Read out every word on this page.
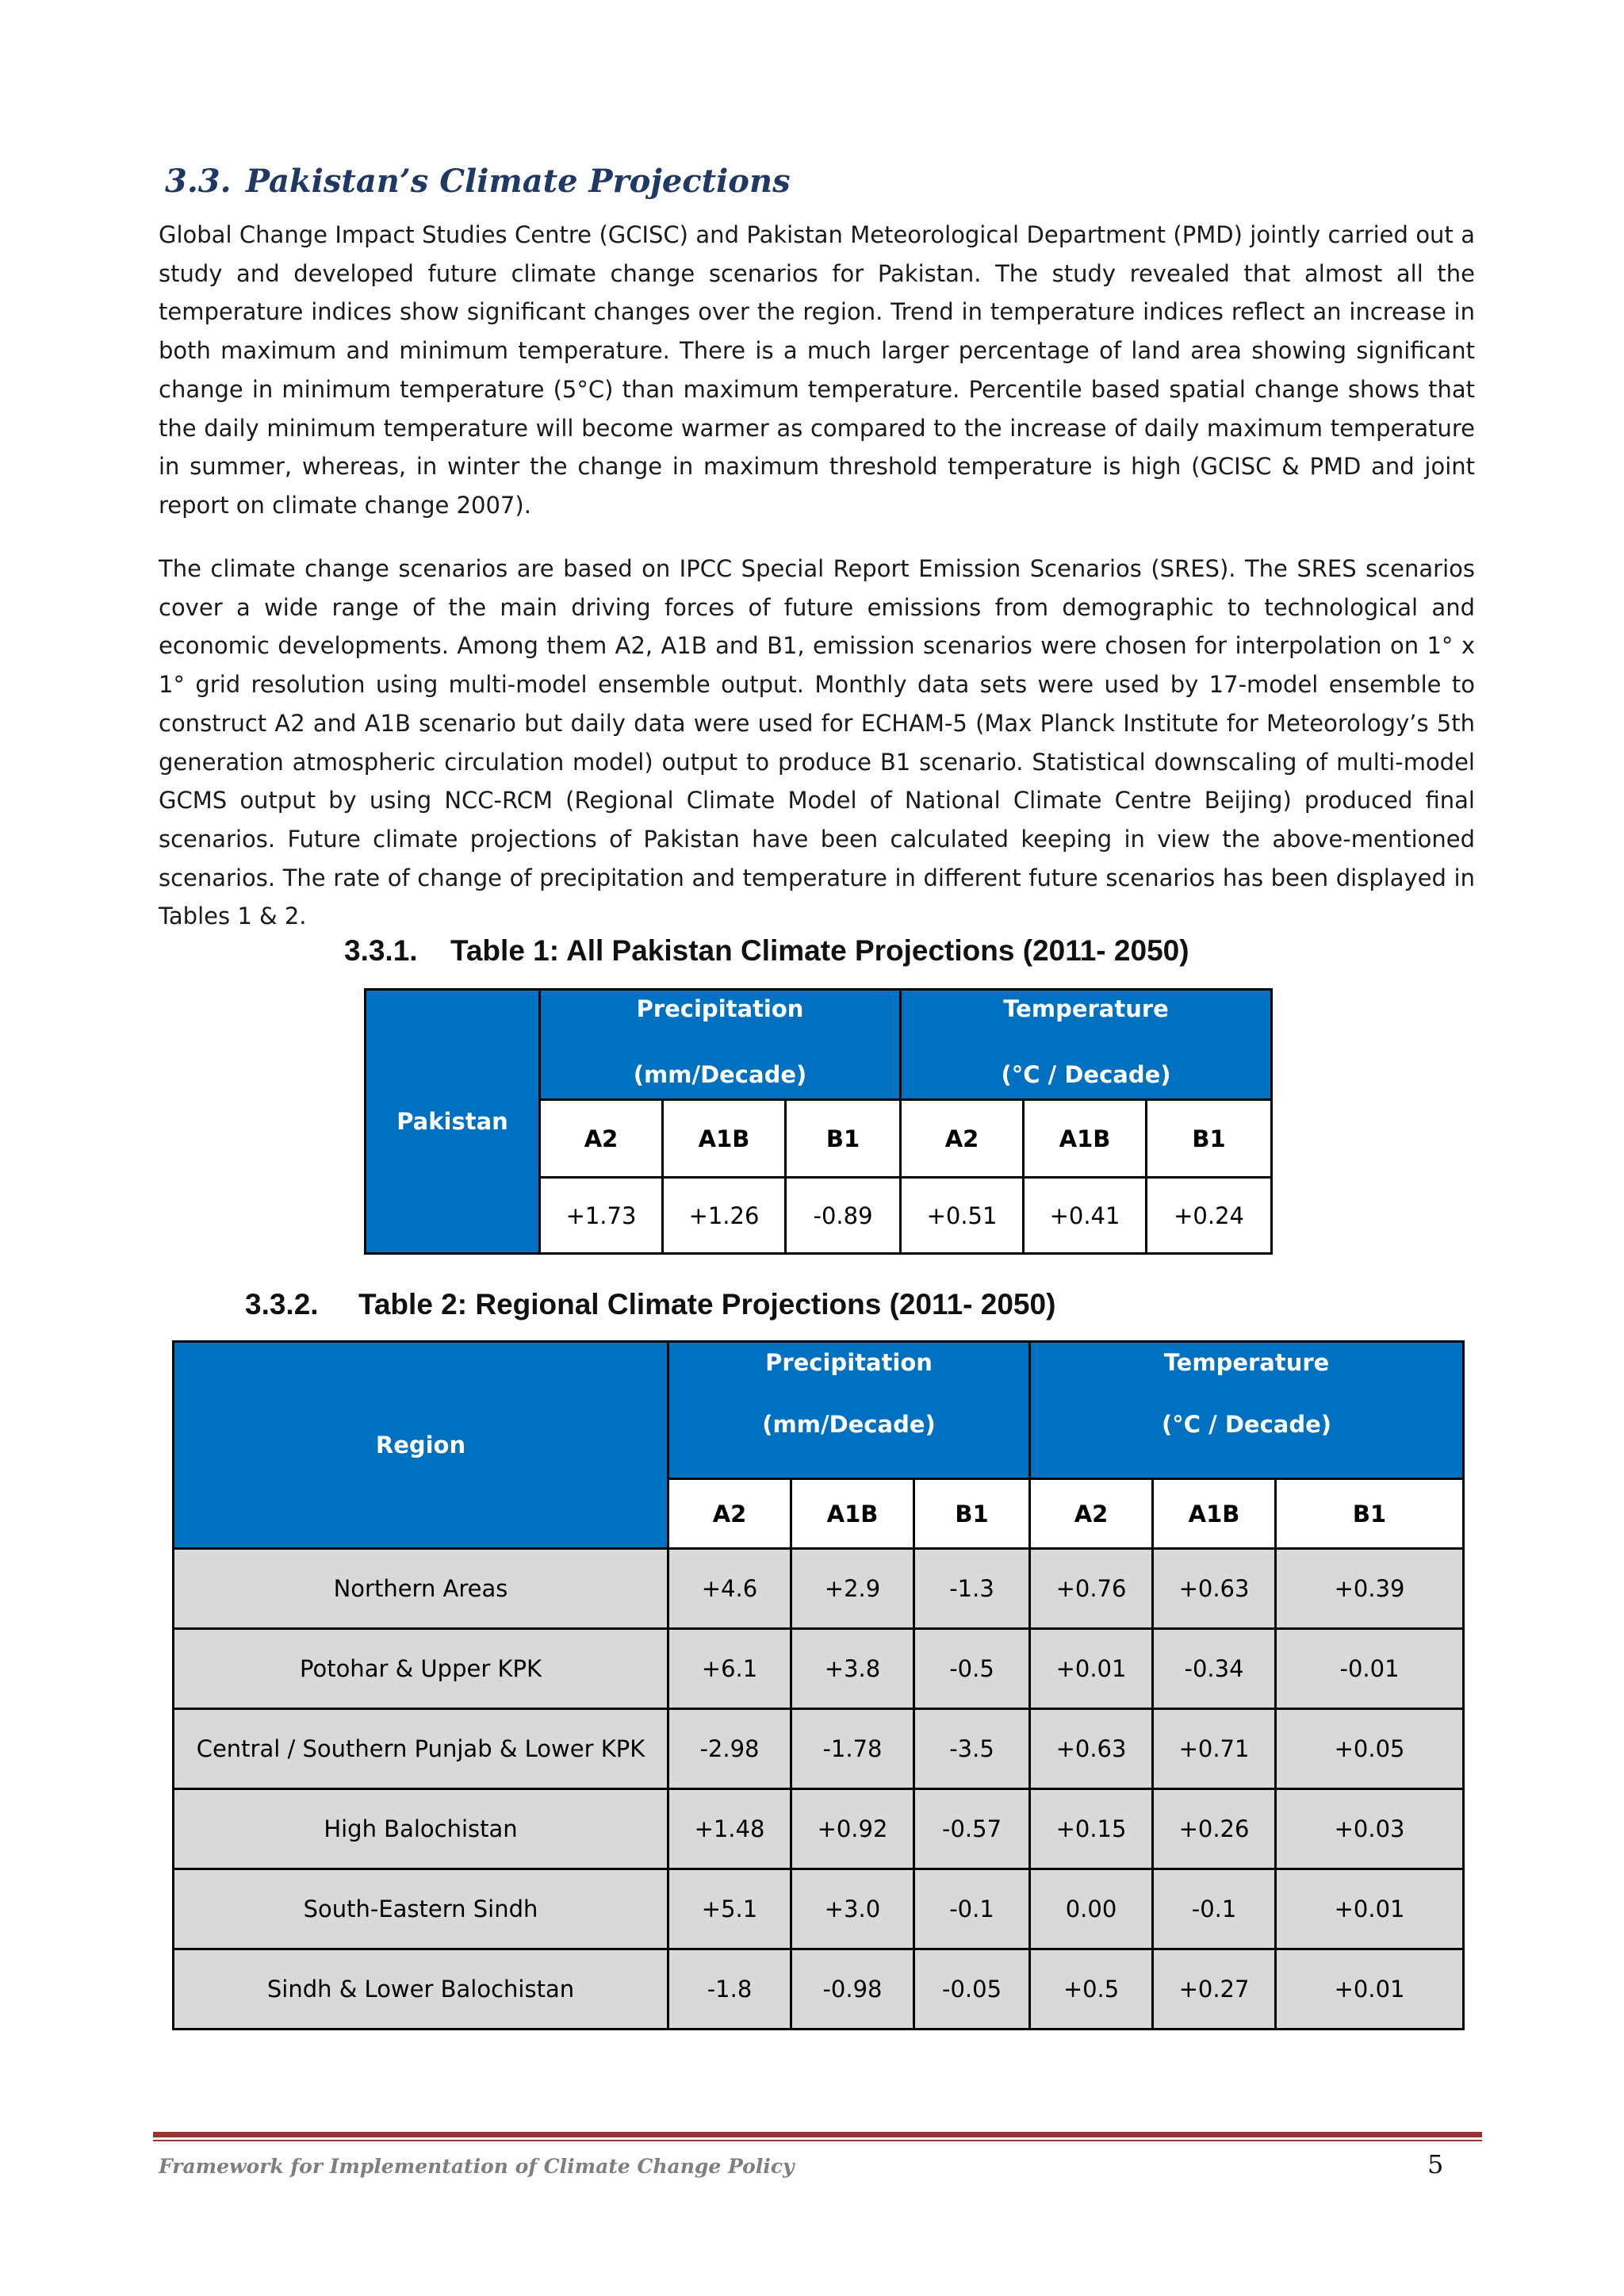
3.3. Pakistan’s Climate Projections

Global Change Impact Studies Centre (GCISC) and Pakistan Meteorological Department (PMD) jointly carried out a study and developed future climate change scenarios for Pakistan. The study revealed that almost all the temperature indices show significant changes over the region. Trend in temperature indices reflect an increase in both maximum and minimum temperature. There is a much larger percentage of land area showing significant change in minimum temperature (5°C) than maximum temperature. Percentile based spatial change shows that the daily minimum temperature will become warmer as compared to the increase of daily maximum temperature in summer, whereas, in winter the change in maximum threshold temperature is high (GCISC & PMD and joint report on climate change 2007).

The climate change scenarios are based on IPCC Special Report Emission Scenarios (SRES). The SRES scenarios cover a wide range of the main driving forces of future emissions from demographic to technological and economic developments. Among them A2, A1B and B1, emission scenarios were chosen for interpolation on 1° x 1° grid resolution using multi-model ensemble output. Monthly data sets were used by 17-model ensemble to construct A2 and A1B scenario but daily data were used for ECHAM-5 (Max Planck Institute for Meteorology’s 5th generation atmospheric circulation model) output to produce B1 scenario. Statistical downscaling of multi-model GCMS output by using NCC-RCM (Regional Climate Model of National Climate Centre Beijing) produced final scenarios. Future climate projections of Pakistan have been calculated keeping in view the above-mentioned scenarios. The rate of change of precipitation and temperature in different future scenarios has been displayed in Tables 1 & 2.

3.3.1. Table 1: All Pakistan Climate Projections (2011- 2050)
Pakistan	Precipitation
(mm/Decade)			Temperature
(°C / Decade)		

	A2	A1B	B1	A2	A1B	B1
	+1.73	+1.26	-0.89	+0.51	+0.41	+0.24
3.3.2. Table 2: Regional Climate Projections (2011- 2050)
Region	Precipitation
(mm/Decade)			Temperature
(°C / Decade)		

	A2	A1B	B1	A2	A1B	B1
Northern Areas	+4.6	+2.9	-1.3	+0.76	+0.63	+0.39
Potohar & Upper KPK	+6.1	+3.8	-0.5	+0.01	-0.34	-0.01
Central / Southern Punjab & Lower KPK	-2.98	-1.78	-3.5	+0.63	+0.71	+0.05
High Balochistan	+1.48	+0.92	-0.57	+0.15	+0.26	+0.03
South-Eastern Sindh	+5.1	+3.0	-0.1	0.00	-0.1	+0.01
Sindh & Lower Balochistan	-1.8	-0.98	-0.05	+0.5	+0.27	+0.01

Framework for Implementation of Climate Change Policy	5
